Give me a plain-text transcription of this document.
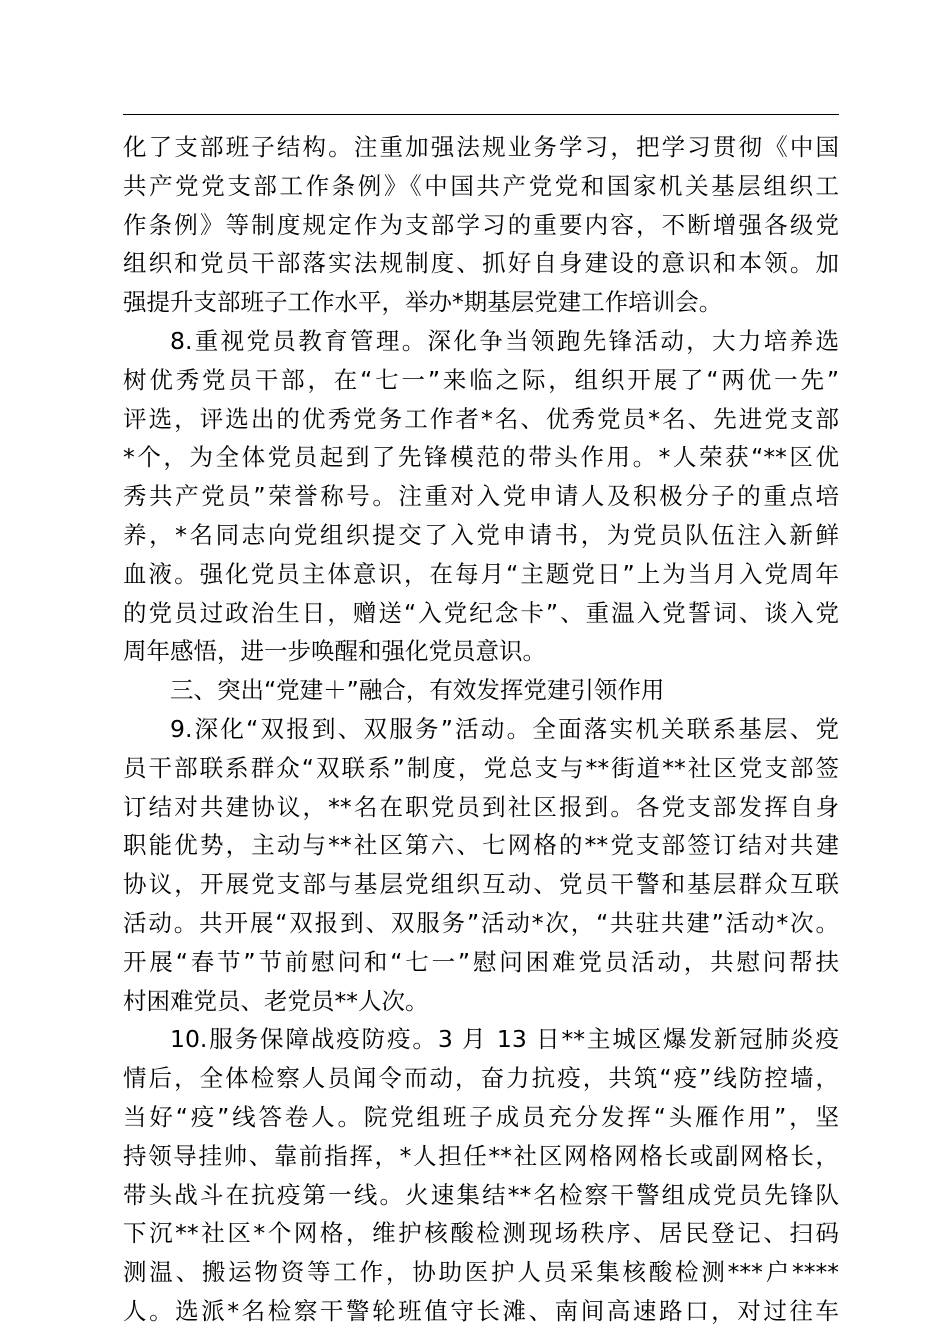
化了支部班子结构。注重加强法规业务学习，把学习贯彻《中国
共产党党支部工作条例》《中国共产党党和国家机关基层组织工
作条例》等制度规定作为支部学习的重要内容，不断增强各级党
组织和党员干部落实法规制度、抓好自身建设的意识和本领。加
强提升支部班子工作水平，举办*期基层党建工作培训会。
8.重视党员教育管理。深化争当领跑先锋活动，大力培养选
树优秀党员干部，在“七一”来临之际，组织开展了“两优一先”
评选，评选出的优秀党务工作者*名、优秀党员*名、先进党支部
*个，为全体党员起到了先锋模范的带头作用。*人荣获“**区优
秀共产党员”荣誉称号。注重对入党申请人及积极分子的重点培
养，*名同志向党组织提交了入党申请书，为党员队伍注入新鲜
血液。强化党员主体意识，在每月“主题党日”上为当月入党周年
的党员过政治生日，赠送“入党纪念卡”、重温入党誓词、谈入党
周年感悟，进一步唤醒和强化党员意识。
三、突出“党建＋”融合，有效发挥党建引领作用
9.深化“双报到、双服务”活动。全面落实机关联系基层、党
员干部联系群众“双联系”制度，党总支与**街道**社区党支部签
订结对共建协议，**名在职党员到社区报到。各党支部发挥自身
职能优势，主动与**社区第六、七网格的**党支部签订结对共建
协议，开展党支部与基层党组织互动、党员干警和基层群众互联
活动。共开展“双报到、双服务”活动*次，“共驻共建”活动*次。
开展“春节”节前慰问和“七一”慰问困难党员活动，共慰问帮扶
村困难党员、老党员**人次。
10.服务保障战疫防疫。3 月 13 日**主城区爆发新冠肺炎疫
情后，全体检察人员闻令而动，奋力抗疫，共筑“疫”线防控墙，
当好“疫”线答卷人。院党组班子成员充分发挥“头雁作用”，坚
持领导挂帅、靠前指挥，*人担任**社区网格网格长或副网格长，
带头战斗在抗疫第一线。火速集结**名检察干警组成党员先锋队
下沉**社区*个网格，维护核酸检测现场秩序、居民登记、扫码
测温、搬运物资等工作，协助医护人员采集核酸检测***户****
人。选派*名检察干警轮班值守长滩、南间高速路口，对过往车
